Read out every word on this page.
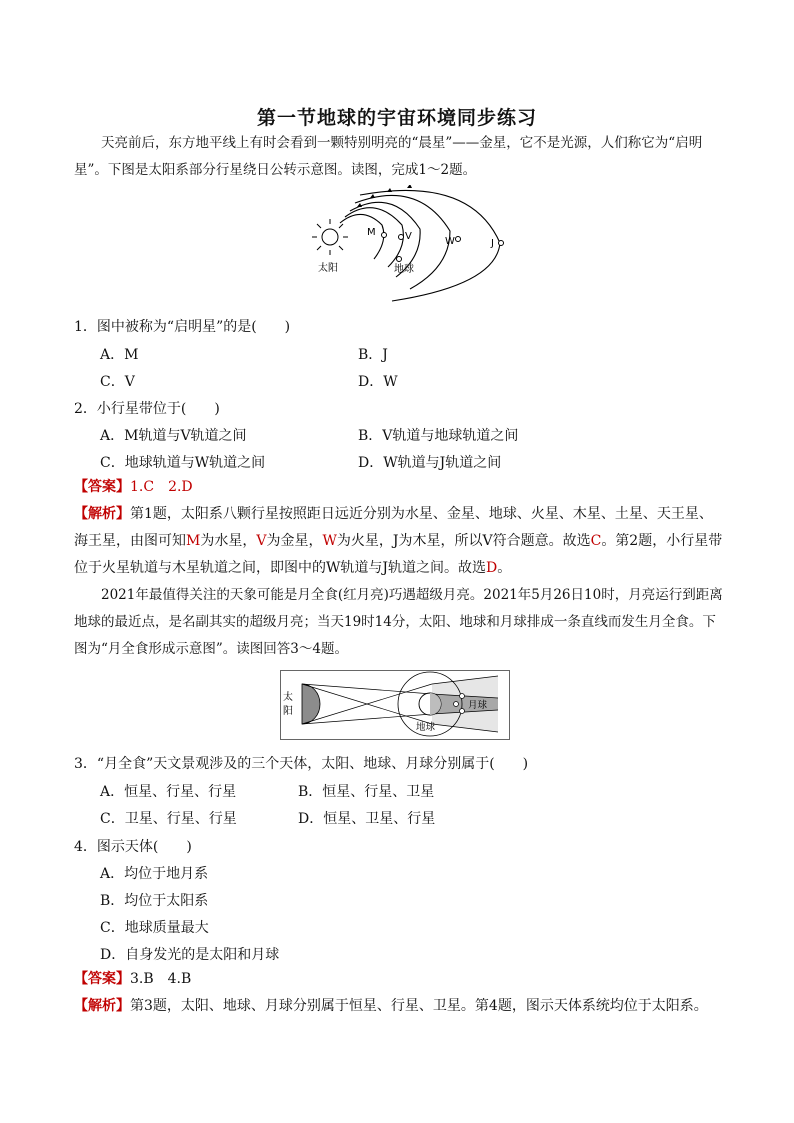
第一节地球的宇宙环境同步练习
天亮前后，东方地平线上有时会看到一颗特别明亮的“晨星”——金星，它不是光源，人们称它为“启明星”。下图是太阳系部分行星绕日公转示意图。读图，完成1～2题。
太阳
M	V	W	J
地球
1．图中被称为“启明星”的是(　　)
A．M	B．J
C．V	D．W
2．小行星带位于(　　)
A．M轨道与V轨道之间	B．V轨道与地球轨道之间
C．地球轨道与W轨道之间	D．W轨道与J轨道之间
【答案】1.C　2.D
【解析】第1题，太阳系八颗行星按照距日远近分别为水星、金星、地球、火星、木星、土星、天王星、海王星，由图可知M为水星，V为金星，W为火星，J为木星，所以V符合题意。故选C。第2题，小行星带位于火星轨道与木星轨道之间，即图中的W轨道与J轨道之间。故选D。
2021年最值得关注的天象可能是月全食(红月亮)巧遇超级月亮。2021年5月26日10时，月亮运行到距离地球的最近点，是名副其实的超级月亮；当天19时14分，太阳、地球和月球排成一条直线而发生月全食。下图为“月全食形成示意图”。读图回答3～4题。
太
阳
地球
月球
3．“月全食”天文景观涉及的三个天体，太阳、地球、月球分别属于(　　)
A．恒星、行星、行星	B．恒星、行星、卫星
C．卫星、行星、行星	D．恒星、卫星、行星
4．图示天体(　　)
A．均位于地月系
B．均位于太阳系
C．地球质量最大
D．自身发光的是太阳和月球
【答案】3.B　4.B
【解析】第3题，太阳、地球、月球分别属于恒星、行星、卫星。第4题，图示天体系统均位于太阳系。
